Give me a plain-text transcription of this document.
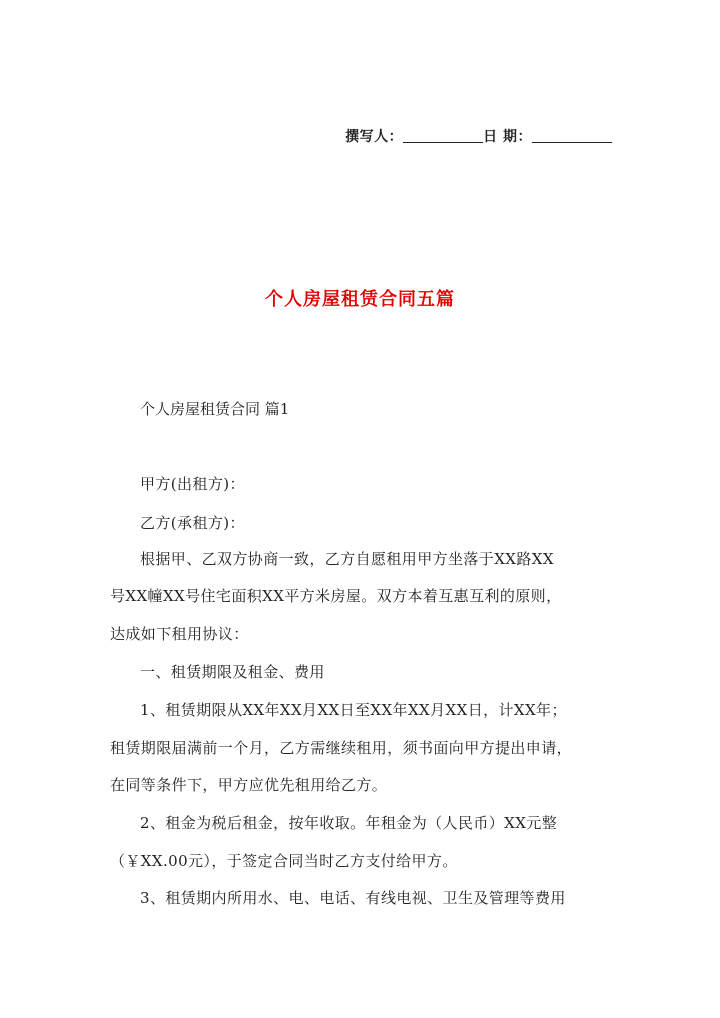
撰写人：	日 期：
个人房屋租赁合同五篇
个人房屋租赁合同 篇1
甲方(出租方)：
乙方(承租方)：
根据甲、乙双方协商一致，乙方自愿租用甲方坐落于XX路XX
号XX幢XX号住宅面积XX平方米房屋。双方本着互惠互利的原则，
达成如下租用协议：
一、租赁期限及租金、费用
1、租赁期限从XX年XX月XX日至XX年XX月XX日，计XX年；
租赁期限届满前一个月，乙方需继续租用，须书面向甲方提出申请，
在同等条件下，甲方应优先租用给乙方。
2、租金为税后租金，按年收取。年租金为（人民币）XX元整
（￥XX.00元），于签定合同当时乙方支付给甲方。
3、租赁期内所用水、电、电话、有线电视、卫生及管理等费用
